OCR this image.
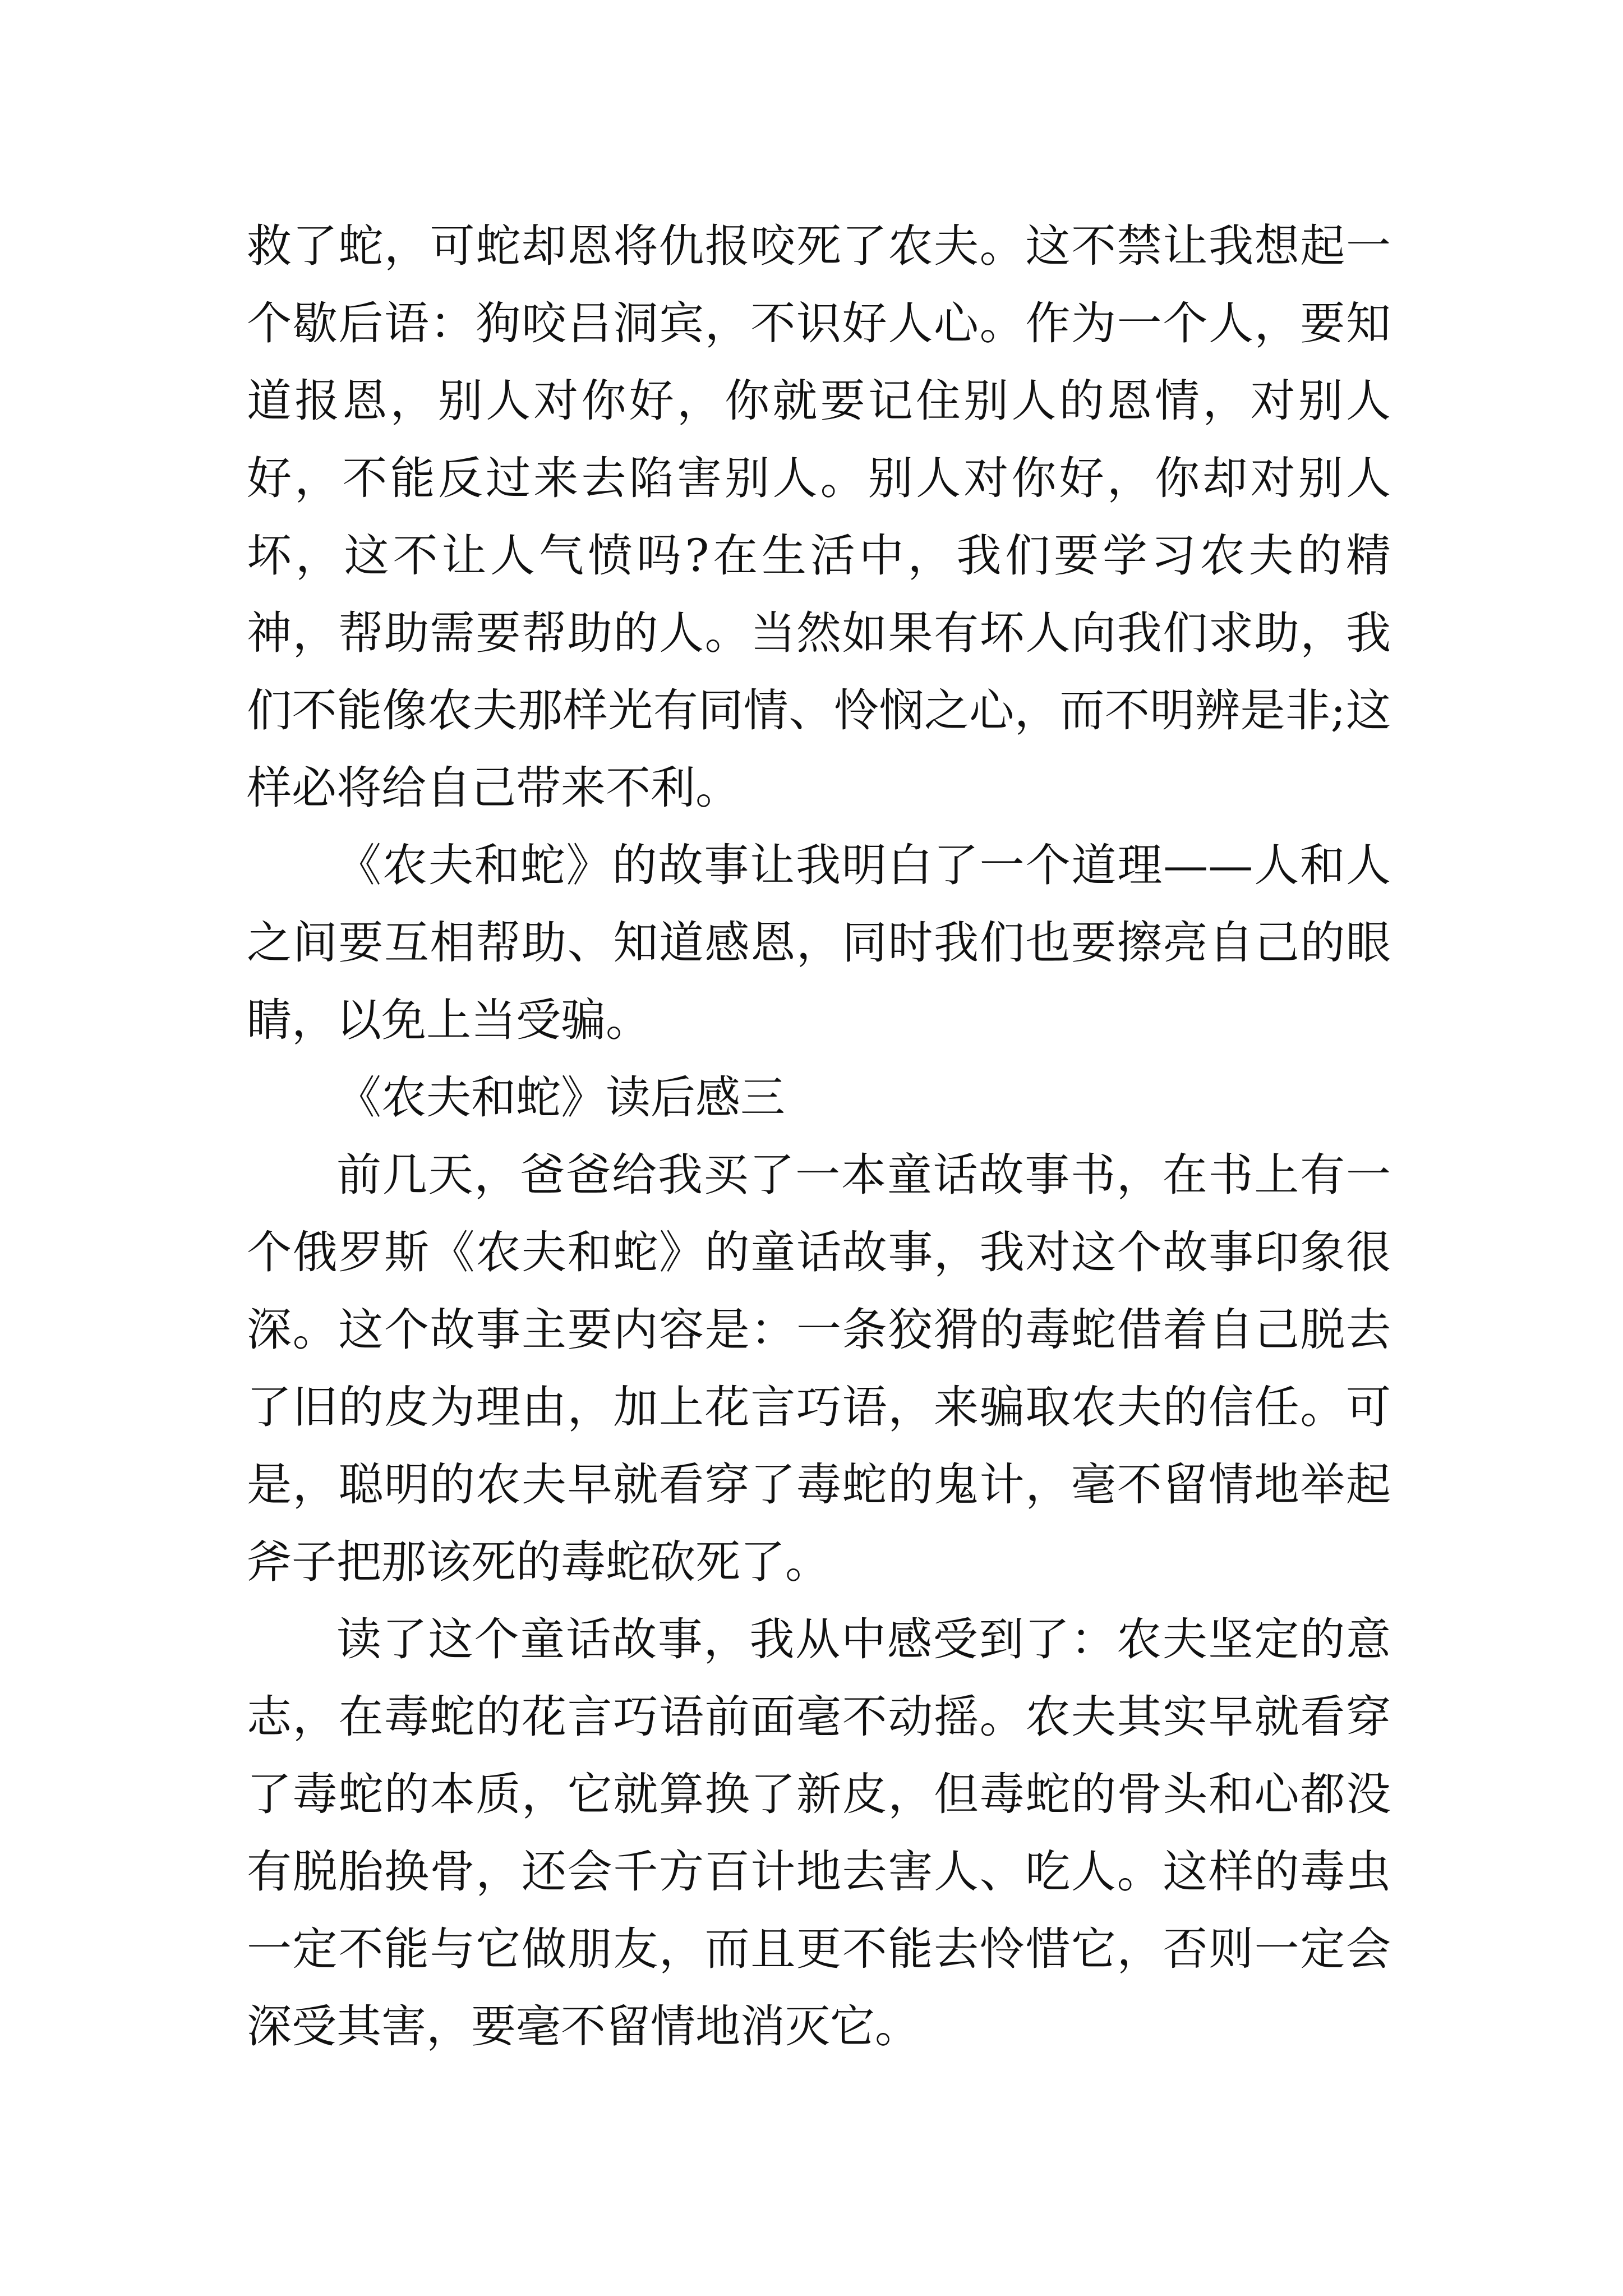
救了蛇，可蛇却恩将仇报咬死了农夫。这不禁让我想起一个歇后语：狗咬吕洞宾，不识好人心。作为一个人，要知道报恩，别人对你好，你就要记住别人的恩情，对别人好，不能反过来去陷害别人。别人对你好，你却对别人坏，这不让人气愤吗?在生活中，我们要学习农夫的精神，帮助需要帮助的人。当然如果有坏人向我们求助，我们不能像农夫那样光有同情、怜悯之心，而不明辨是非;这样必将给自己带来不利。

《农夫和蛇》的故事让我明白了一个道理——人和人之间要互相帮助、知道感恩，同时我们也要擦亮自己的眼睛，以免上当受骗。

《农夫和蛇》读后感三

前几天，爸爸给我买了一本童话故事书，在书上有一个俄罗斯《农夫和蛇》的童话故事，我对这个故事印象很深。这个故事主要内容是：一条狡猾的毒蛇借着自己脱去了旧的皮为理由，加上花言巧语，来骗取农夫的信任。可是，聪明的农夫早就看穿了毒蛇的鬼计，毫不留情地举起斧子把那该死的毒蛇砍死了。

读了这个童话故事，我从中感受到了：农夫坚定的意志，在毒蛇的花言巧语前面毫不动摇。农夫其实早就看穿了毒蛇的本质，它就算换了新皮，但毒蛇的骨头和心都没有脱胎换骨，还会千方百计地去害人、吃人。这样的毒虫一定不能与它做朋友，而且更不能去怜惜它，否则一定会深受其害，要毫不留情地消灭它。
